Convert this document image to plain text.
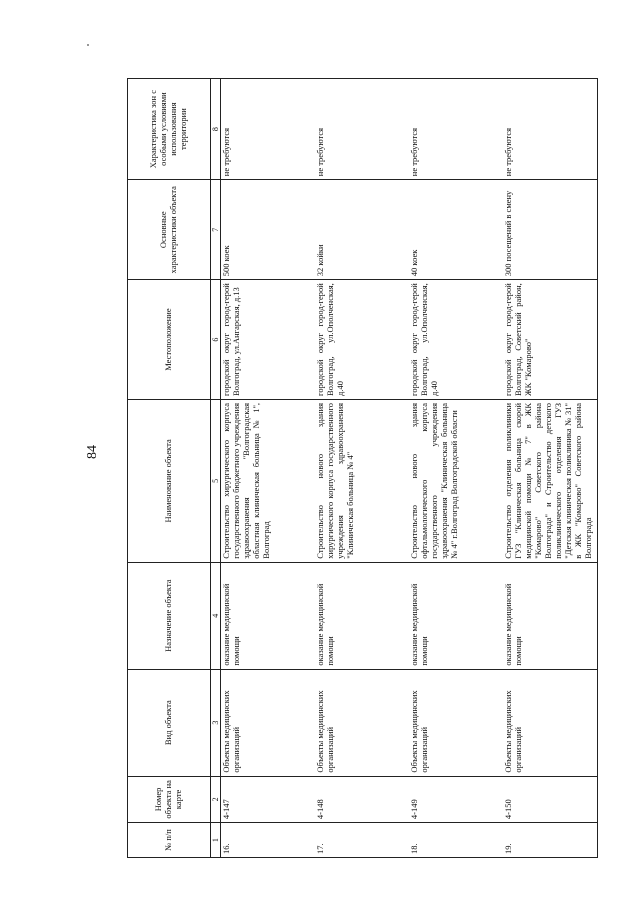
84
№ п/п	Номер объекта на карте	Вид объекта	Назначение объекта	Наименование объекта	Местоположение	Основные характеристики объекта	Характеристика зон с особыми условиями использования территории
1	2	3	4	5	6	7	8
16.	4-147	Объекты медицинских организаций	оказание медицинской помощи	Строительство хирургического корпуса государственного бюджетного учреждения здравоохранения "Волгоградская областная клиническая больница № 1", Волгоград	городской округ город-герой Волгоград, ул.Ангарская, д.13	500 коек	не требуются
17.	4-148	Объекты медицинских организаций	оказание медицинской помощи	Строительство нового здания хирургического корпуса государственного учреждения здравоохранения "Клиническая больница № 4"	городской округ город-герой Волгоград, ул.Ополченская, д.40	32 койки	не требуются
18.	4-149	Объекты медицинских организаций	оказание медицинской помощи	Строительство нового здания офтальмологического корпуса государственного учреждения здравоохранения "Клиническая больница № 4" г.Волгоград Волгоградской области	городской округ город-герой Волгоград, ул.Ополченская, д.40	40 коек	не требуются
19.	4-150	Объекты медицинских организаций	оказание медицинской помощи	Строительство отделения поликлиники ГУЗ "Клиническая больница скорой медицинской помощи № 7" в ЖК "Комарово" Советского района Волгограда" и Строительство детского поликлинического отделения ГУЗ "Детская клиническая поликлиника № 31" в ЖК "Комарово" Советского района Волгограда	городской округ город-герой Волгоград, Советский район, ЖК "Комарово"	300 посещений в смену	не требуются
